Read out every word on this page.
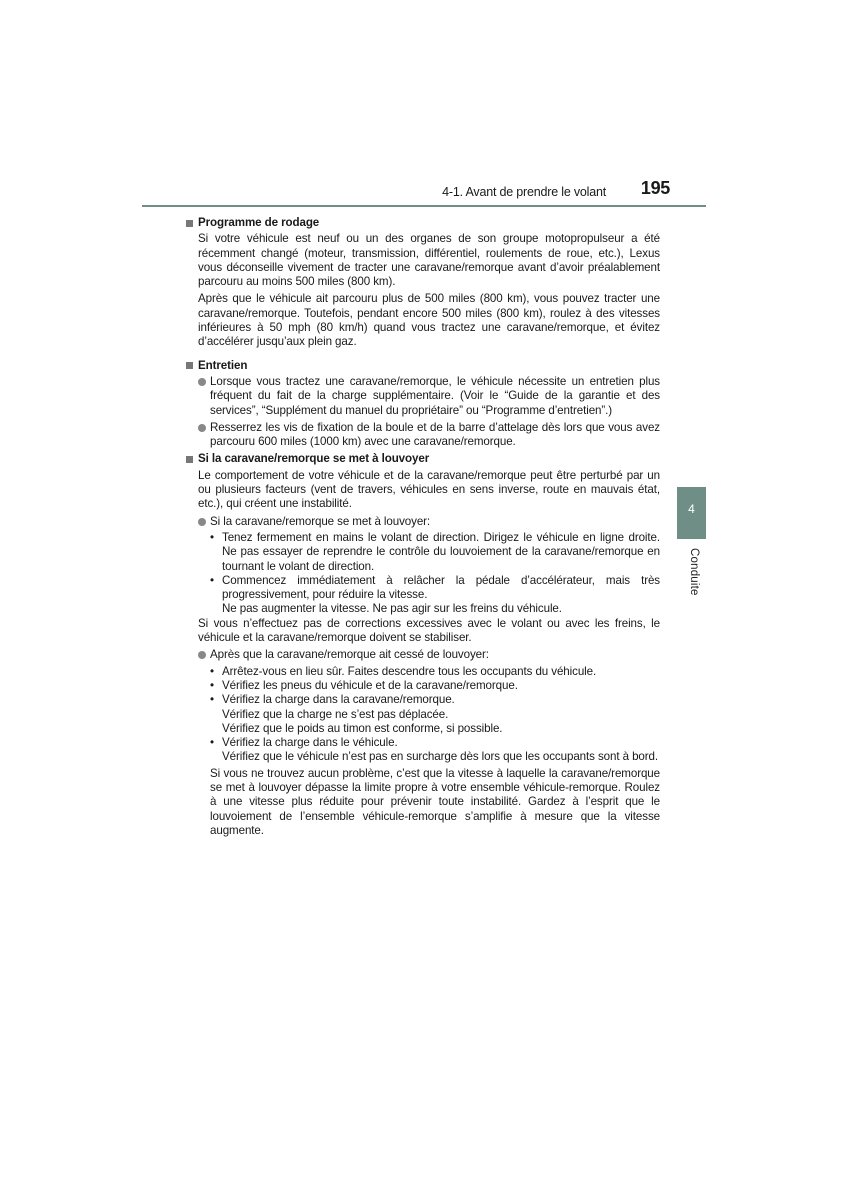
4-1. Avant de prendre le volant 195
4
Conduite
Programme de rodage

Si votre véhicule est neuf ou un des organes de son groupe motopropulseur a été récemment changé (moteur, transmission, différentiel, roulements de roue, etc.), Lexus vous déconseille vivement de tracter une caravane/remorque avant d’avoir préalablement parcouru au moins 500 miles (800 km).

Après que le véhicule ait parcouru plus de 500 miles (800 km), vous pouvez tracter une caravane/remorque. Toutefois, pendant encore 500 miles (800 km), roulez à des vitesses inférieures à 50 mph (80 km/h) quand vous tractez une caravane/remorque, et évitez d’accélérer jusqu’aux plein gaz.

Entretien
Lorsque vous tractez une caravane/remorque, le véhicule nécessite un entretien plus fréquent du fait de la charge supplémentaire. (Voir le “Guide de la garantie et des services”, “Supplément du manuel du propriétaire” ou “Programme d’entretien”.)
Resserrez les vis de fixation de la boule et de la barre d’attelage dès lors que vous avez parcouru 600 miles (1000 km) avec une caravane/remorque.
Si la caravane/remorque se met à louvoyer

Le comportement de votre véhicule et de la caravane/remorque peut être perturbé par un ou plusieurs facteurs (vent de travers, véhicules en sens inverse, route en mauvais état, etc.), qui créent une instabilité.

Si la caravane/remorque se met à louvoyer:
• Tenez fermement en mains le volant de direction. Dirigez le véhicule en ligne droite. Ne pas essayer de reprendre le contrôle du louvoiement de la caravane/remorque en tournant le volant de direction.
• Commencez immédiatement à relâcher la pédale d’accélérateur, mais très progressivement, pour réduire la vitesse.
Ne pas augmenter la vitesse. Ne pas agir sur les freins du véhicule.

Si vous n’effectuez pas de corrections excessives avec le volant ou avec les freins, le véhicule et la caravane/remorque doivent se stabiliser.

Après que la caravane/remorque ait cessé de louvoyer:
• Arrêtez-vous en lieu sûr. Faites descendre tous les occupants du véhicule.
• Vérifiez les pneus du véhicule et de la caravane/remorque.
• Vérifiez la charge dans la caravane/remorque.
Vérifiez que la charge ne s’est pas déplacée.
Vérifiez que le poids au timon est conforme, si possible.
• Vérifiez la charge dans le véhicule.
Vérifiez que le véhicule n’est pas en surcharge dès lors que les occupants sont à bord.

Si vous ne trouvez aucun problème, c’est que la vitesse à laquelle la caravane/remorque se met à louvoyer dépasse la limite propre à votre ensemble véhicule-remorque. Roulez à une vitesse plus réduite pour prévenir toute instabilité. Gardez à l’esprit que le louvoiement de l’ensemble véhicule-remorque s’amplifie à mesure que la vitesse augmente.
